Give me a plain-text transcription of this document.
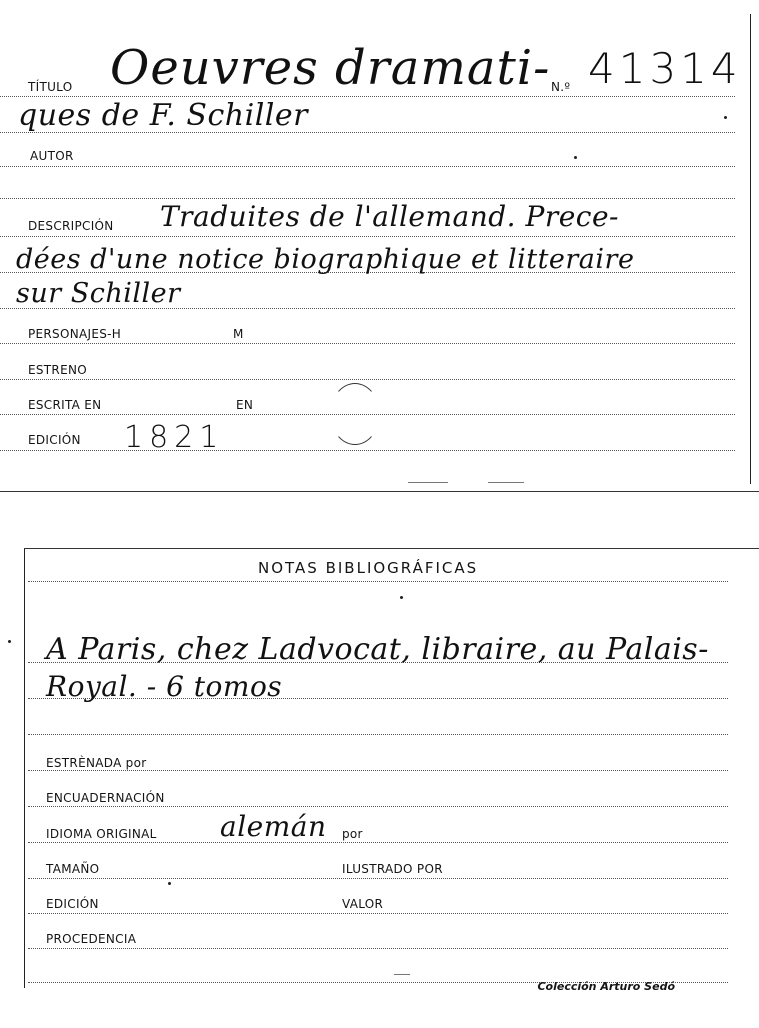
TÍTULO Oeuvres dramati- N.º 41314
ques de F. Schiller
AUTOR
DESCRIPCIÓN Traduites de l'allemand. Prece-
dées d'une notice biographique et litteraire
sur Schiller
PERSONAJES-H	M
ESTRENO
ESCRITA EN	EN
EDICIÓN 1821
NOTAS BIBLIOGRÁFICAS
A Paris, chez Ladvocat, libraire, au Palais-
Royal. - 6 tomos
ESTRÈNADA por
ENCUADERNACIÓN
IDIOMA ORIGINAL alemán por
TAMAÑO	ILUSTRADO POR
EDICIÓN	VALOR
PROCEDENCIA
Colección Arturo Sedó
